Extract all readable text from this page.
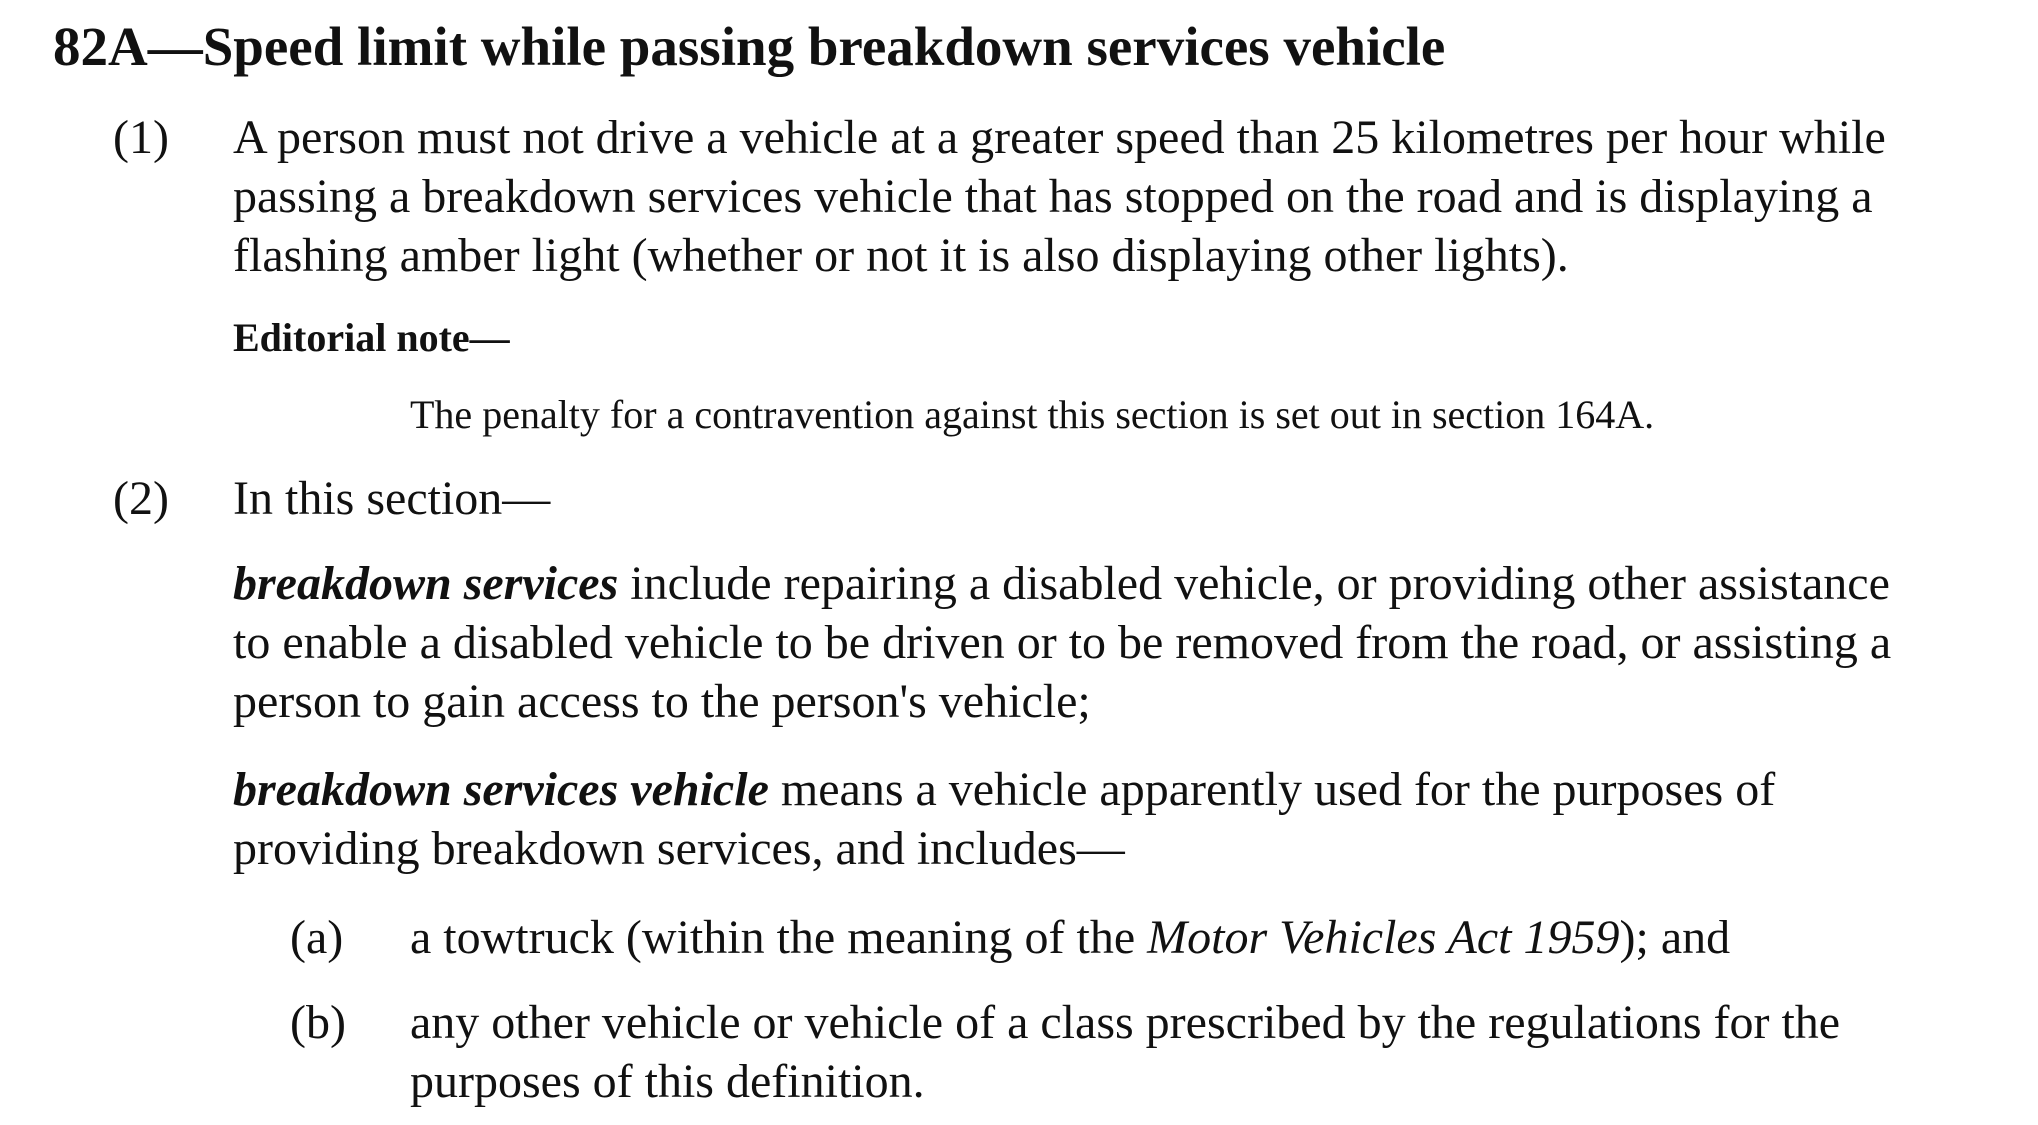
82A—Speed limit while passing breakdown services vehicle
(1) A person must not drive a vehicle at a greater speed than 25 kilometres per hour while
passing a breakdown services vehicle that has stopped on the road and is displaying a
flashing amber light (whether or not it is also displaying other lights).
Editorial note—
The penalty for a contravention against this section is set out in section 164A.
(2) In this section—
breakdown services include repairing a disabled vehicle, or providing other assistance
to enable a disabled vehicle to be driven or to be removed from the road, or assisting a
person to gain access to the person's vehicle;
breakdown services vehicle means a vehicle apparently used for the purposes of
providing breakdown services, and includes—
(a) a towtruck (within the meaning of the Motor Vehicles Act 1959); and
(b) any other vehicle or vehicle of a class prescribed by the regulations for the
purposes of this definition.
